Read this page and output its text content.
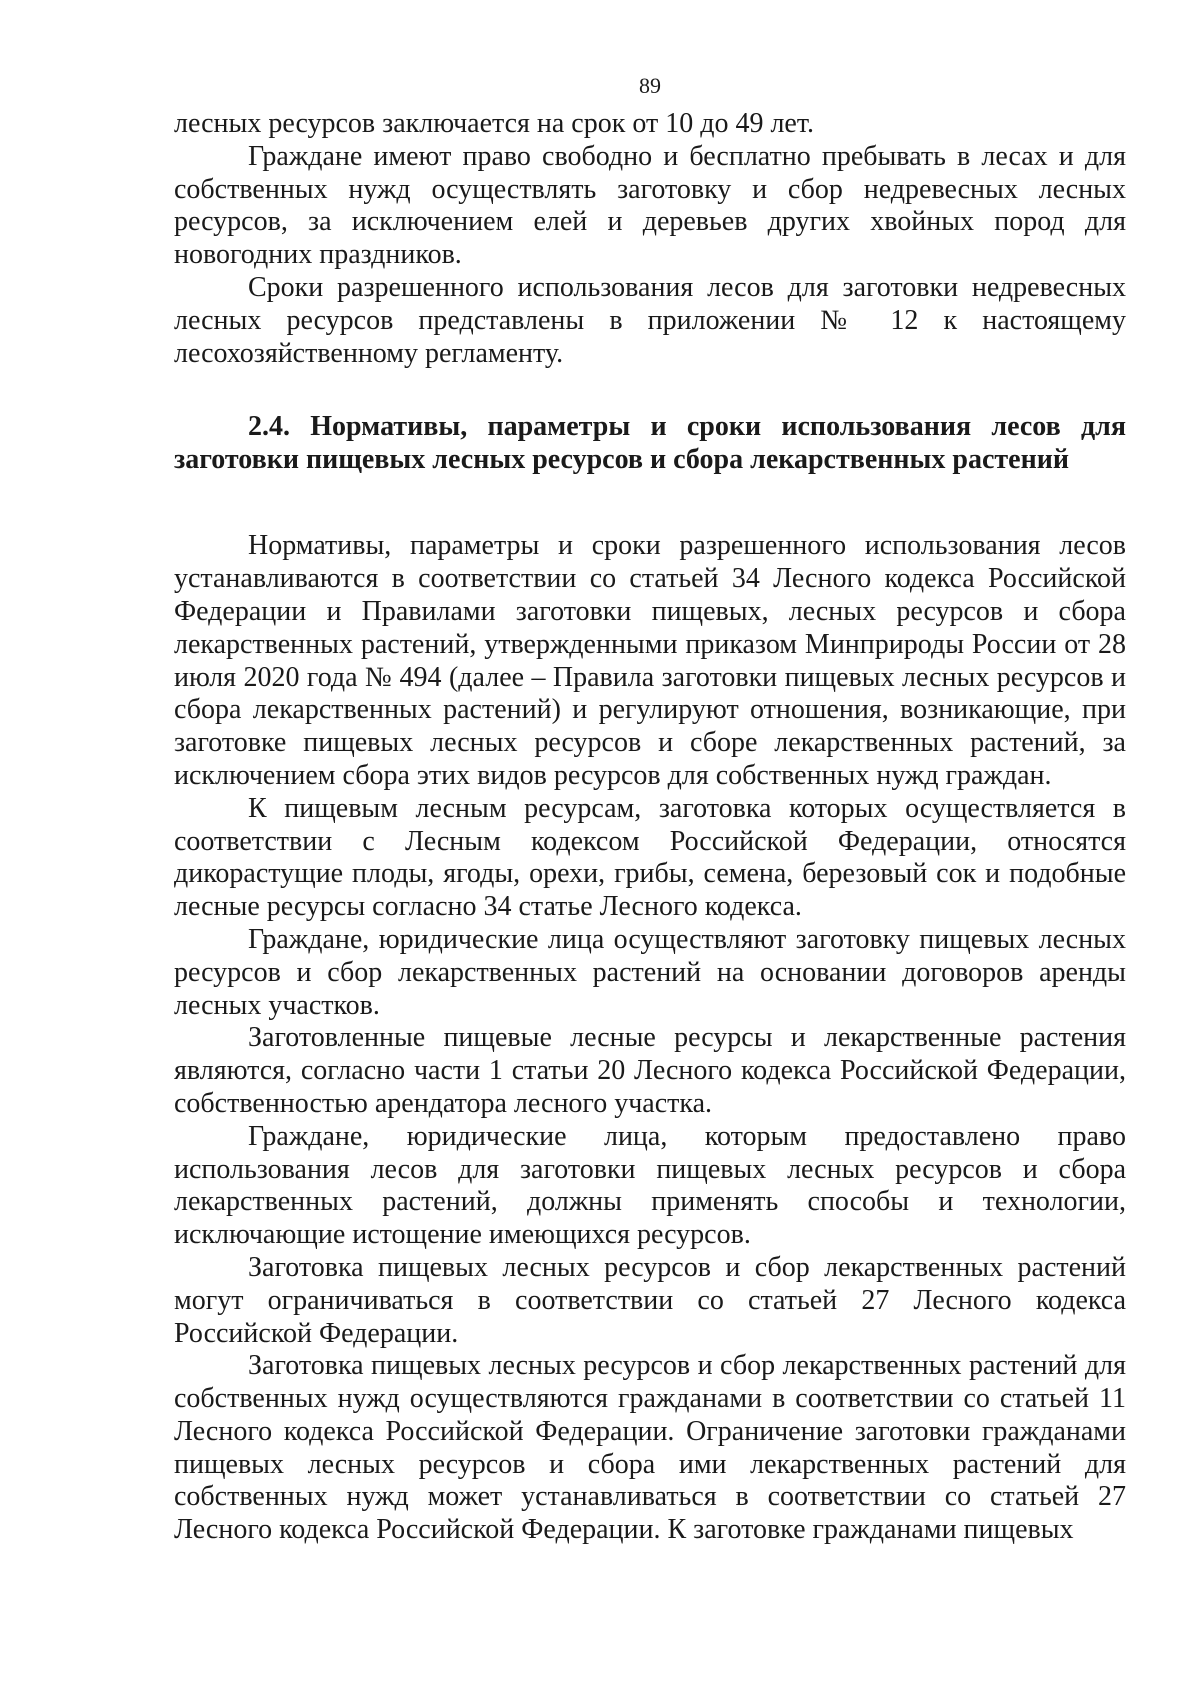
89

лесных ресурсов заключается на срок от 10 до 49 лет.

Граждане имеют право свободно и бесплатно пребывать в лесах и для собственных нужд осуществлять заготовку и сбор недревесных лесных ресурсов, за исключением елей и деревьев других хвойных пород для новогодних праздников.

Сроки разрешенного использования лесов для заготовки недревесных лесных ресурсов представлены в приложении № 12 к настоящему лесохозяйственному регламенту.

2.4. Нормативы, параметры и сроки использования лесов для заготовки пищевых лесных ресурсов и сбора лекарственных растений

Нормативы, параметры и сроки разрешенного использования лесов устанавливаются в соответствии со статьей 34 Лесного кодекса Российской Федерации и Правилами заготовки пищевых, лесных ресурсов и сбора лекарственных растений, утвержденными приказом Минприроды России от 28 июля 2020 года № 494 (далее – Правила заготовки пищевых лесных ресурсов и сбора лекарственных растений) и регулируют отношения, возникающие, при заготовке пищевых лесных ресурсов и сборе лекарственных растений, за исключением сбора этих видов ресурсов для собственных нужд граждан.

К пищевым лесным ресурсам, заготовка которых осуществляется в соответствии с Лесным кодексом Российской Федерации, относятся дикорастущие плоды, ягоды, орехи, грибы, семена, березовый сок и подобные лесные ресурсы согласно 34 статье Лесного кодекса.

Граждане, юридические лица осуществляют заготовку пищевых лесных ресурсов и сбор лекарственных растений на основании договоров аренды лесных участков.

Заготовленные пищевые лесные ресурсы и лекарственные растения являются, согласно части 1 статьи 20 Лесного кодекса Российской Федерации, собственностью арендатора лесного участка.

Граждане, юридические лица, которым предоставлено право использования лесов для заготовки пищевых лесных ресурсов и сбора лекарственных растений, должны применять способы и технологии, исключающие истощение имеющихся ресурсов.

Заготовка пищевых лесных ресурсов и сбор лекарственных растений могут ограничиваться в соответствии со статьей 27 Лесного кодекса Российской Федерации.

Заготовка пищевых лесных ресурсов и сбор лекарственных растений для собственных нужд осуществляются гражданами в соответствии со статьей 11 Лесного кодекса Российской Федерации. Ограничение заготовки гражданами пищевых лесных ресурсов и сбора ими лекарственных растений для собственных нужд может устанавливаться в соответствии со статьей 27 Лесного кодекса Российской Федерации. К заготовке гражданами пищевых
